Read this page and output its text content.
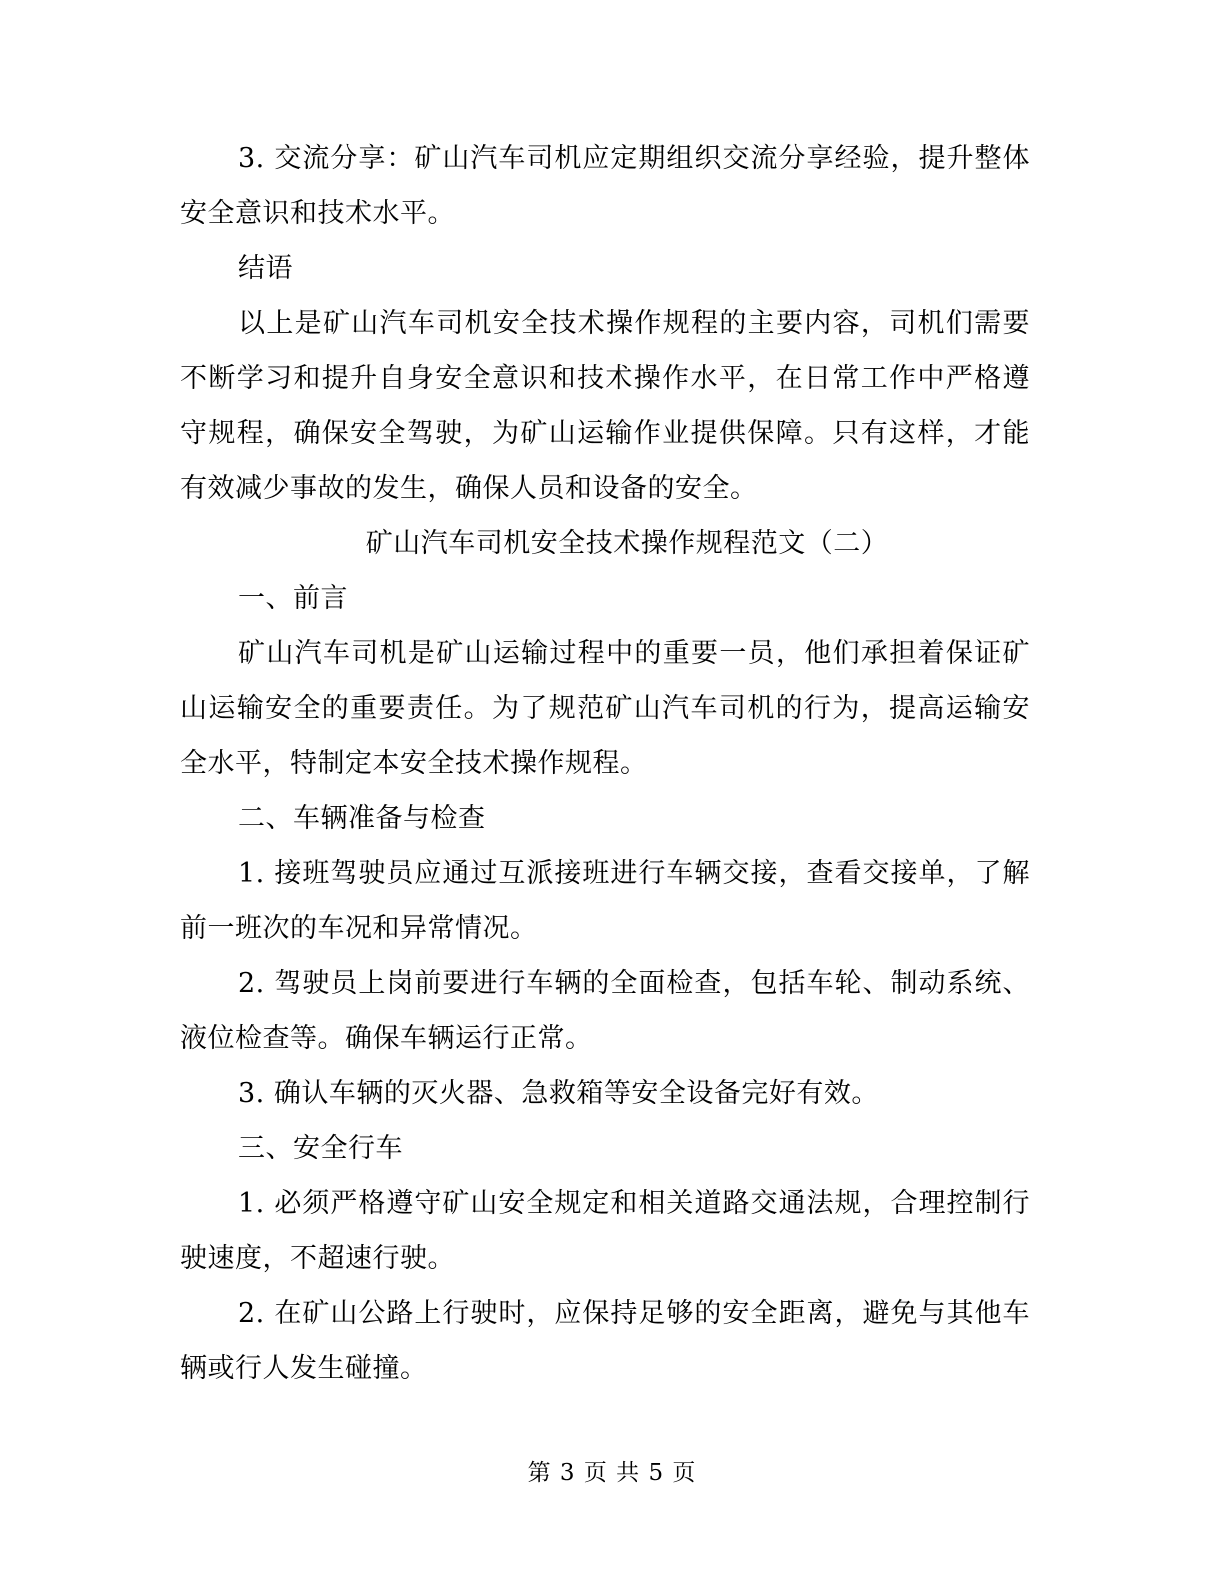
3. 交流分享：矿山汽车司机应定期组织交流分享经验，提升整体安全意识和技术水平。

结语

以上是矿山汽车司机安全技术操作规程的主要内容，司机们需要不断学习和提升自身安全意识和技术操作水平，在日常工作中严格遵守规程，确保安全驾驶，为矿山运输作业提供保障。只有这样，才能有效减少事故的发生，确保人员和设备的安全。

矿山汽车司机安全技术操作规程范文（二）

一、前言

矿山汽车司机是矿山运输过程中的重要一员，他们承担着保证矿山运输安全的重要责任。为了规范矿山汽车司机的行为，提高运输安全水平，特制定本安全技术操作规程。

二、车辆准备与检查

1. 接班驾驶员应通过互派接班进行车辆交接，查看交接单，了解前一班次的车况和异常情况。

2. 驾驶员上岗前要进行车辆的全面检查，包括车轮、制动系统、液位检查等。确保车辆运行正常。

3. 确认车辆的灭火器、急救箱等安全设备完好有效。

三、安全行车

1. 必须严格遵守矿山安全规定和相关道路交通法规，合理控制行驶速度，不超速行驶。

2. 在矿山公路上行驶时，应保持足够的安全距离，避免与其他车辆或行人发生碰撞。

第 3 页 共 5 页
